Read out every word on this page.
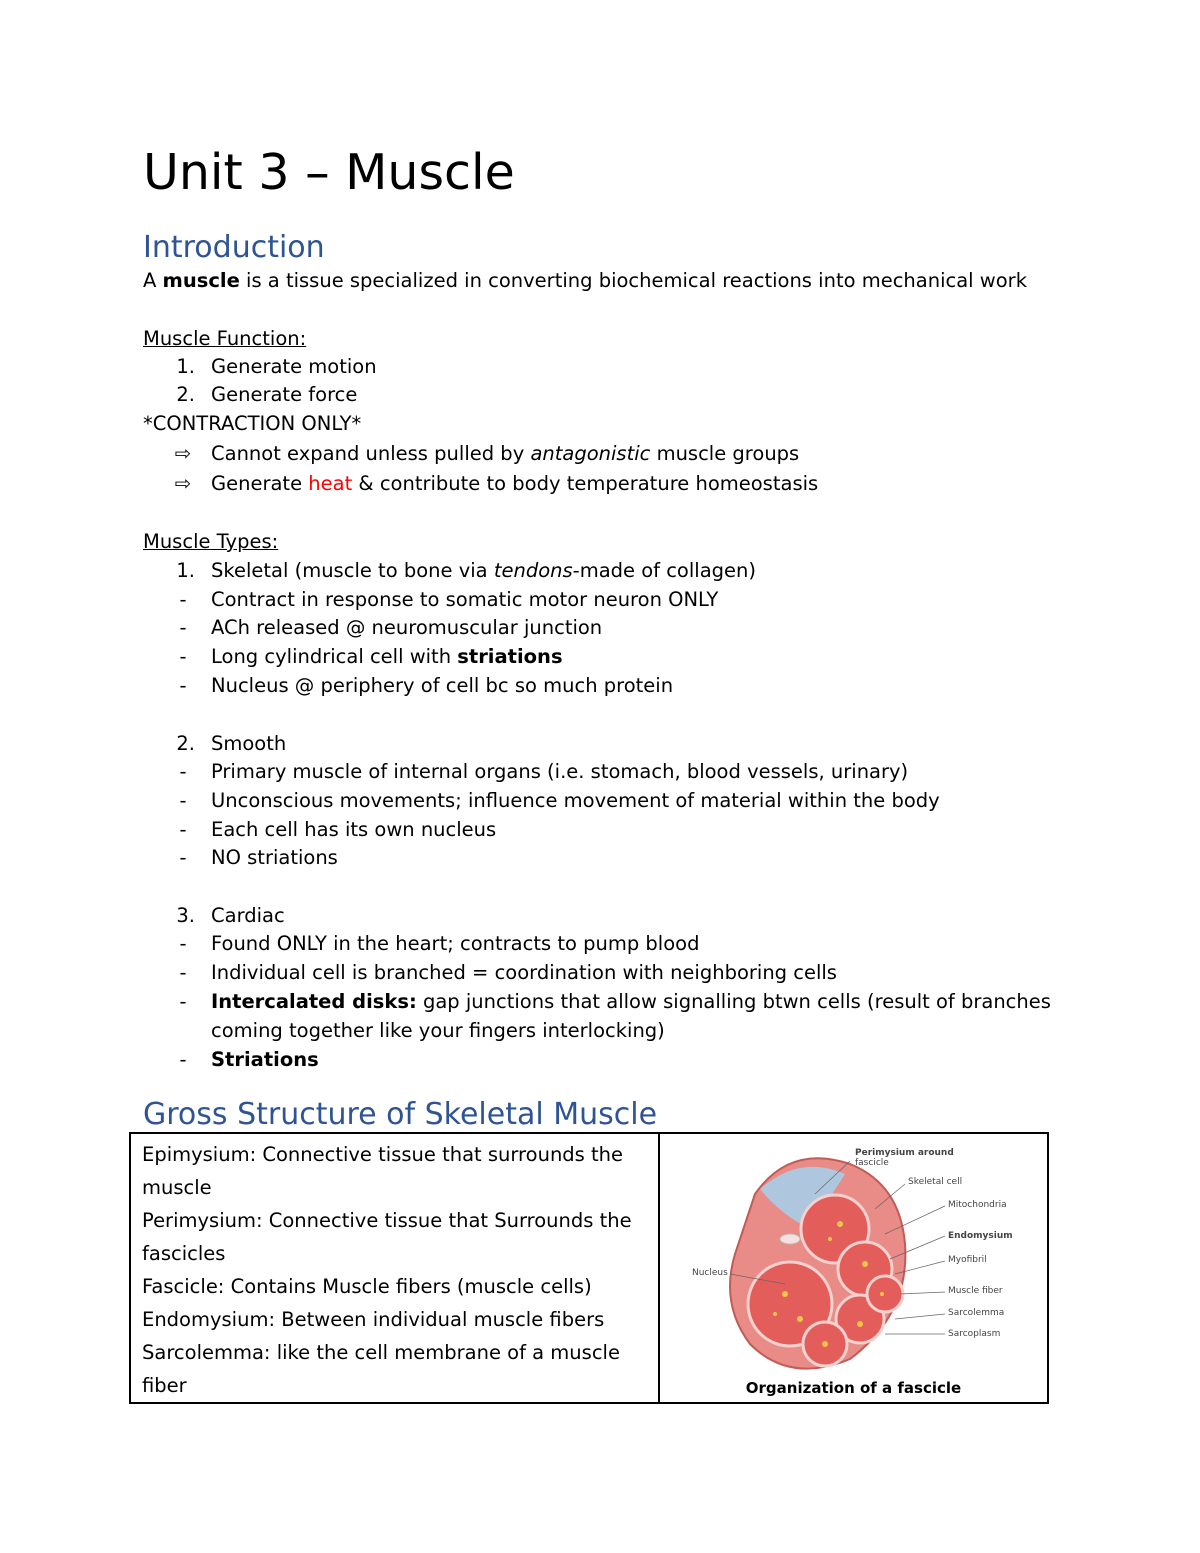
Unit 3 – Muscle
Introduction
A muscle is a tissue specialized in converting biochemical reactions into mechanical work
Muscle Function:
1. Generate motion
2. Generate force
*CONTRACTION ONLY*
⇨ Cannot expand unless pulled by antagonistic muscle groups
⇨ Generate heat & contribute to body temperature homeostasis
Muscle Types:
1. Skeletal (muscle to bone via tendons-made of collagen)
-	Contract in response to somatic motor neuron ONLY
-	ACh released @ neuromuscular junction
-	Long cylindrical cell with striations
-	Nucleus @ periphery of cell bc so much protein
2. Smooth
-	Primary muscle of internal organs (i.e. stomach, blood vessels, urinary)
-	Unconscious movements; influence movement of material within the body
-	Each cell has its own nucleus
-	NO striations
3. Cardiac
-	Found ONLY in the heart; contracts to pump blood
-	Individual cell is branched = coordination with neighboring cells
-	Intercalated disks: gap junctions that allow signalling btwn cells (result of branches
coming together like your fingers interlocking)
-	Striations
Gross Structure of Skeletal Muscle
Epimysium: Connective tissue that surrounds the muscle
Perimysium: Connective tissue that Surrounds the fascicles
Fascicle: Contains Muscle fibers (muscle cells)
Endomysium: Between individual muscle fibers
Sarcolemma: like the cell membrane of a muscle fiber

Perimysium around
fascicle
Skeletal cell
Mitochondria
Endomysium
Myofibril
Muscle fiber
Sarcolemma
Sarcoplasm
Nucleus
Organization of a fascicle
